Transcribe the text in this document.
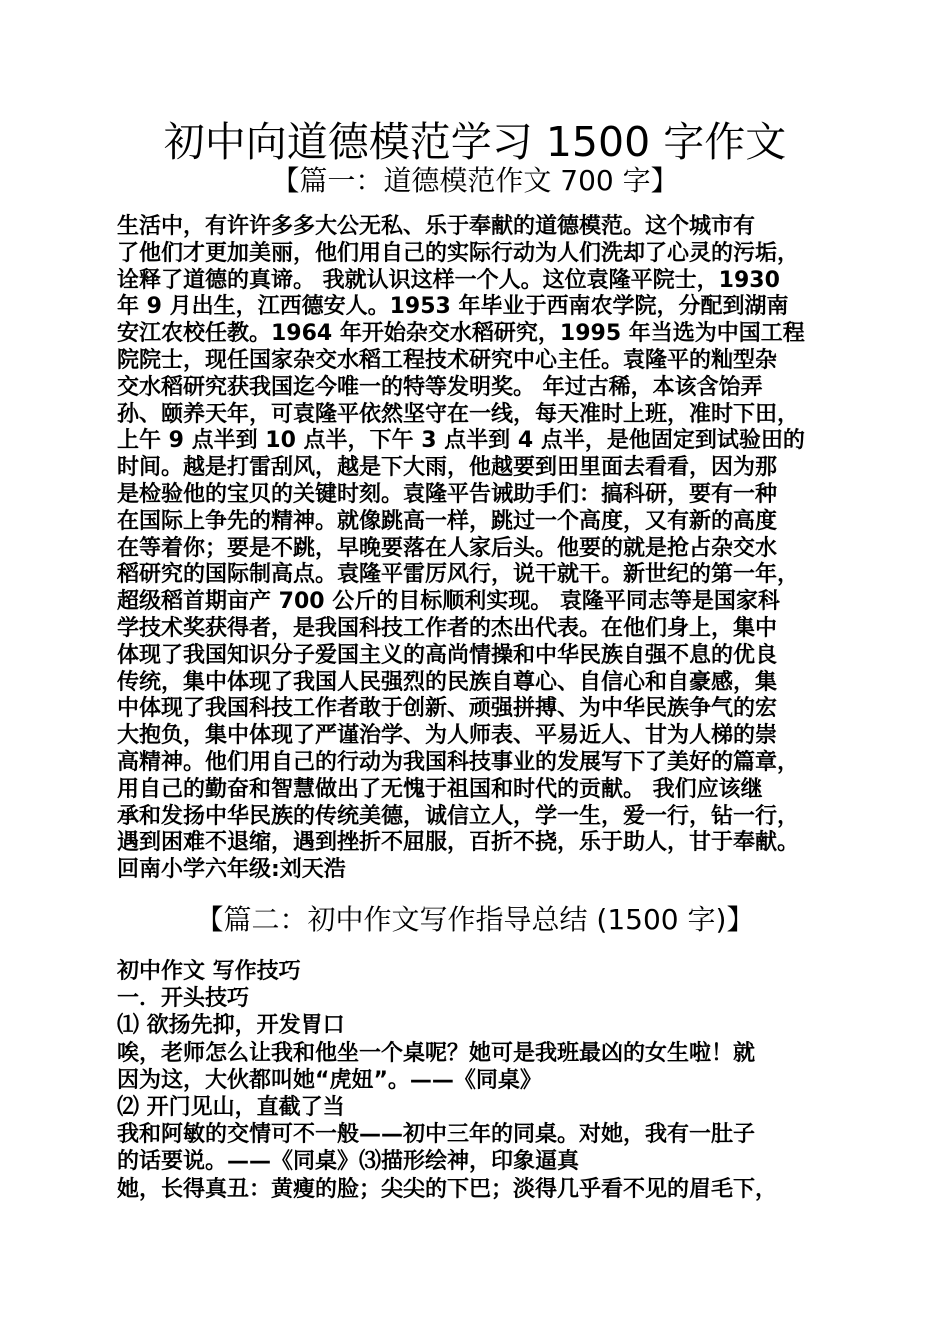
初中向道德模范学习 1500 字作文
【篇一：道德模范作文 700 字】
生活中，有许许多多大公无私、乐于奉献的道德模范。这个城市有
了他们才更加美丽，他们用自己的实际行动为人们洗却了心灵的污垢，
诠释了道德的真谛。 我就认识这样一个人。这位袁隆平院士，1930
年 9 月出生，江西德安人。1953 年毕业于西南农学院，分配到湖南
安江农校任教。1964 年开始杂交水稻研究，1995 年当选为中国工程
院院士，现任国家杂交水稻工程技术研究中心主任。袁隆平的籼型杂
交水稻研究获我国迄今唯一的特等发明奖。 年过古稀，本该含饴弄
孙、颐养天年，可袁隆平依然坚守在一线，每天准时上班，准时下田，
上午 9 点半到 10 点半，下午 3 点半到 4 点半，是他固定到试验田的
时间。越是打雷刮风，越是下大雨，他越要到田里面去看看，因为那
是检验他的宝贝的关键时刻。袁隆平告诫助手们：搞科研，要有一种
在国际上争先的精神。就像跳高一样，跳过一个高度，又有新的高度
在等着你；要是不跳，早晚要落在人家后头。他要的就是抢占杂交水
稻研究的国际制高点。袁隆平雷厉风行，说干就干。新世纪的第一年，
超级稻首期亩产 700 公斤的目标顺利实现。 袁隆平同志等是国家科
学技术奖获得者，是我国科技工作者的杰出代表。在他们身上，集中
体现了我国知识分子爱国主义的高尚情操和中华民族自强不息的优良
传统，集中体现了我国人民强烈的民族自尊心、自信心和自豪感，集
中体现了我国科技工作者敢于创新、顽强拼搏、为中华民族争气的宏
大抱负，集中体现了严谨治学、为人师表、平易近人、甘为人梯的崇
高精神。他们用自己的行动为我国科技事业的发展写下了美好的篇章，
用自己的勤奋和智慧做出了无愧于祖国和时代的贡献。 我们应该继
承和发扬中华民族的传统美德，诚信立人，学一生，爱一行，钻一行，
遇到困难不退缩，遇到挫折不屈服，百折不挠，乐于助人，甘于奉献。
回南小学六年级:刘天浩
【篇二：初中作文写作指导总结 (1500 字)】
初中作文 写作技巧
一．开头技巧
⑴ 欲扬先抑，开发胃口
唉，老师怎么让我和他坐一个桌呢？她可是我班最凶的女生啦！就
因为这，大伙都叫她“虎妞”。——《同桌》
⑵ 开门见山，直截了当
我和阿敏的交情可不一般——初中三年的同桌。对她，我有一肚子
的话要说。——《同桌》⑶描形绘神，印象逼真
她，长得真丑：黄瘦的脸；尖尖的下巴；淡得几乎看不见的眉毛下，
